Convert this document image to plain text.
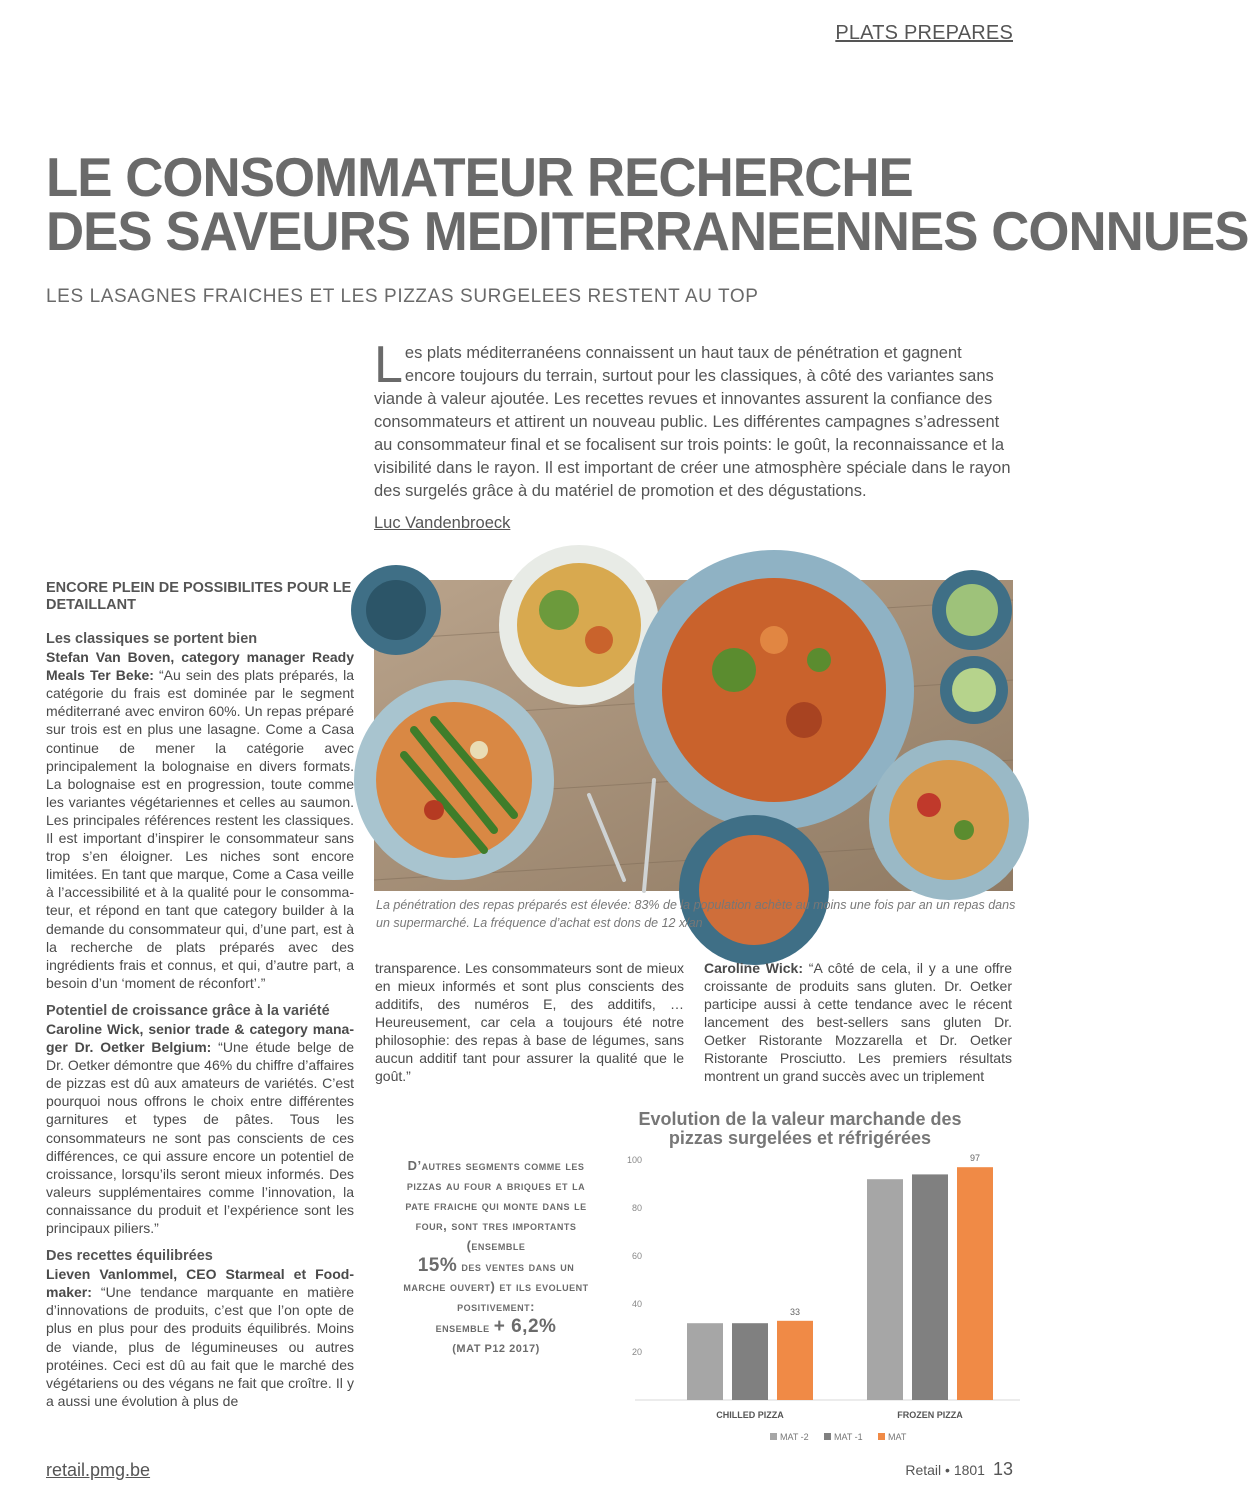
PLATS PREPARES
LE CONSOMMATEUR RECHERCHE
DES SAVEURS MEDITERRANEENNES CONNUES
LES LASAGNES FRAICHES ET LES PIZZAS SURGELEES RESTENT AU TOP
Les plats méditerranéens connaissent un haut taux de pénétration et gagnent encore toujours du terrain, surtout pour les classiques, à côté des variantes sans viande à valeur ajoutée. Les recettes revues et innovantes assurent la confiance des consommateurs et attirent un nouveau public. Les différentes campagnes s’adressent au consommateur final et se focalisent sur trois points: le goût, la reconnaissance et la visibilité dans le rayon. Il est important de créer une atmosphère spéciale dans le rayon des surgelés grâce à du matériel de promotion et des dégustations.
Luc Vandenbroeck
ENCORE PLEIN DE POSSIBILITES POUR LE DETAILLANT
Les classiques se portent bien

Stefan Van Boven, category manager Ready Meals Ter Beke: “Au sein des plats préparés, la catégorie du frais est dominée par le segment méditerrané avec environ 60%. Un repas préparé sur trois est en plus une lasagne. Come a Casa continue de mener la catégorie avec principalement la bolognaise en divers formats. La bolognaise est en progression, toute comme les variantes végétariennes et celles au saumon. Les principales références restent les classiques. Il est important d’inspirer le consommateur sans trop s’en éloigner. Les niches sont encore limitées. En tant que marque, Come a Casa veille à l’accessibilité et à la qualité pour le consommateur, et répond en tant que category builder à la demande du consommateur qui, d’une part, est à la recherche de plats préparés avec des ingrédients frais et connus, et qui, d’autre part, a besoin d’un ‘moment de réconfort’.”

Potentiel de croissance grâce à la variété

Caroline Wick, senior trade & category manager Dr. Oetker Belgium: “Une étude belge de Dr. Oetker démontre que 46% du chiffre d’affaires de pizzas est dû aux amateurs de variétés. C’est pourquoi nous offrons le choix entre différentes garnitures et types de pâtes. Tous les consommateurs ne sont pas conscients de ces différences, ce qui assure encore un potentiel de croissance, lorsqu’ils seront mieux informés. Des valeurs supplémentaires comme l’innovation, la connaissance du produit et l’expérience sont les principaux piliers.”

Des recettes équilibrées

Lieven Vanlommel, CEO Starmeal et Foodmaker: “Une tendance marquante en matière d’innovations de produits, c’est que l’on opte de plus en plus pour des produits équilibrés. Moins de viande, plus de légumineuses ou autres protéines. Ceci est dû au fait que le marché des végétariens ou des végans ne fait que croître. Il y a aussi une évolution à plus de

La pénétration des repas préparés est élevée: 83% de la population achète au moins une fois par an un repas dans un supermarché. La fréquence d’achat est dons de 12 x/an

transparence. Les consommateurs sont de mieux en mieux informés et sont plus conscients des additifs, des numéros E, des additifs, … Heureusement, car cela a toujours été notre philosophie: des repas à base de légumes, sans aucun additif tant pour assurer la qualité que le goût.”

Caroline Wick: “A côté de cela, il y a une offre croissante de produits sans gluten. Dr. Oetker participe aussi à cette tendance avec le récent lancement des best-sellers sans gluten Dr. Oetker Ristorante Mozzarella et Dr. Oetker Ristorante Prosciutto. Les premiers résultats montrent un grand succès avec un triplement

D’autres segments comme les pizzas au four a briques et la pate fraiche qui monte dans le four, sont tres importants (ensemble
15% des ventes dans un marche ouvert) et ils evoluent positivement:
ensemble + 6,2%
(MAT P12 2017)
Evolution de la valeur marchande des pizzas surgelées et réfrigérées
20
40
60
80
100
33
CHILLED PIZZA
97
FROZEN PIZZA
MAT -2	MAT -1	MAT
retail.pmg.be	Retail • 1801 13
